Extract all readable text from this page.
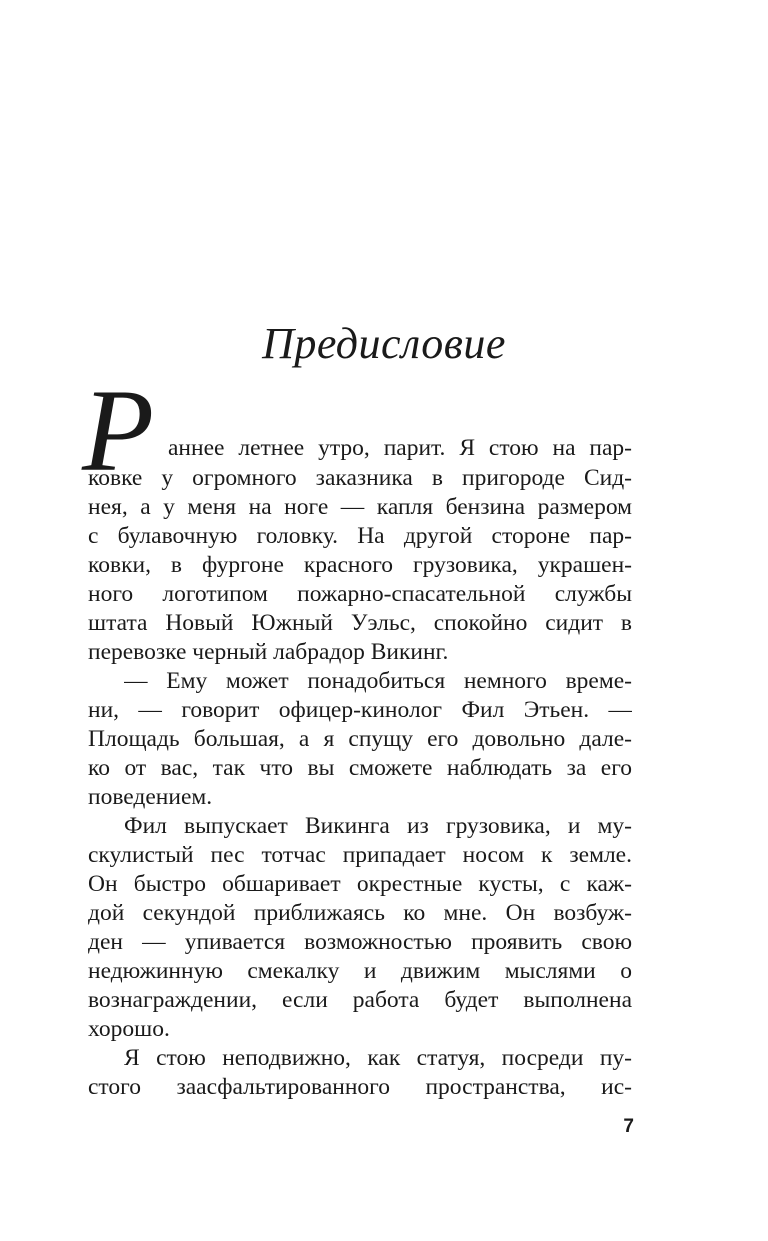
Предисловие
Р аннее летнее утро, парит. Я стою на пар-
ковке у огромного заказника в пригороде Сид-
нея, а у меня на ноге — капля бензина размером
с булавочную головку. На другой стороне пар-
ковки, в фургоне красного грузовика, украшен-
ного логотипом пожарно-спасательной службы
штата Новый Южный Уэльс, спокойно сидит в
перевозке черный лабрадор Викинг.
— Ему может понадобиться немного време-
ни, — говорит офицер-кинолог Фил Этьен. —
Площадь большая, а я спущу его довольно дале-
ко от вас, так что вы сможете наблюдать за его
поведением.
Фил выпускает Викинга из грузовика, и му-
скулистый пес тотчас припадает носом к земле.
Он быстро обшаривает окрестные кусты, с каж-
дой секундой приближаясь ко мне. Он возбуж-
ден — упивается возможностью проявить свою
недюжинную смекалку и движим мыслями о
вознаграждении, если работа будет выполнена
хорошо.
Я стою неподвижно, как статуя, посреди пу-
стого заасфальтированного пространства, ис-
7
